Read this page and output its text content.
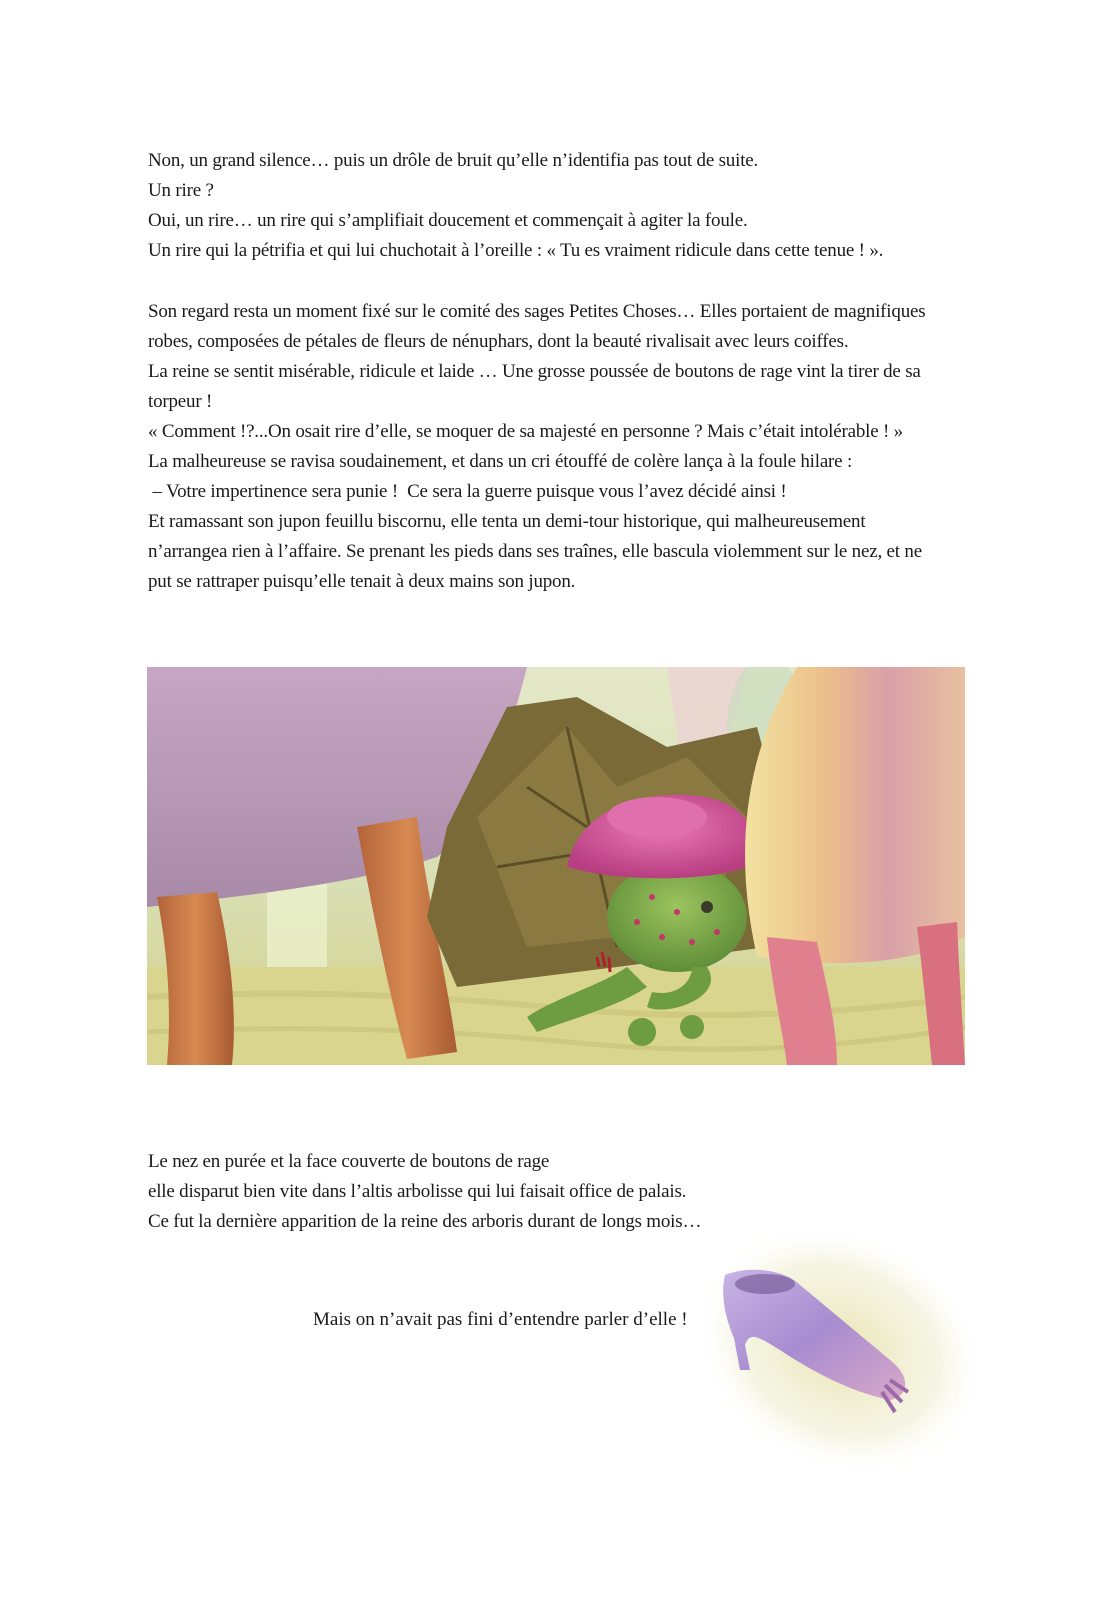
Non, un grand silence… puis un drôle de bruit qu’elle n’identifia pas tout de suite.
Un rire ?
Oui, un rire… un rire qui s’amplifiait doucement et commençait à agiter la foule.
Un rire qui la pétrifia et qui lui chuchotait à l’oreille : « Tu es vraiment ridicule dans cette tenue ! ».
Son regard resta un moment fixé sur le comité des sages Petites Choses… Elles portaient de magnifiques
robes, composées de pétales de fleurs de nénuphars, dont la beauté rivalisait avec leurs coiffes.
La reine se sentit misérable, ridicule et laide … Une grosse poussée de boutons de rage vint la tirer de sa
torpeur !
« Comment !?...On osait rire d’elle, se moquer de sa majesté en personne ? Mais c’était intolérable ! »
La malheureuse se ravisa soudainement, et dans un cri étouffé de colère lança à la foule hilare :
– Votre impertinence sera punie !  Ce sera la guerre puisque vous l’avez décidé ainsi !
Et ramassant son jupon feuillu biscornu, elle tenta un demi-tour historique, qui malheureusement
n’arrangea rien à l’affaire. Se prenant les pieds dans ses traînes, elle bascula violemment sur le nez, et ne
put se rattraper puisqu’elle tenait à deux mains son jupon.
Le nez en purée et la face couverte de boutons de rage
elle disparut bien vite dans l’altis arbolisse qui lui faisait office de palais.
Ce fut la dernière apparition de la reine des arboris durant de longs mois…
Mais on n’avait pas fini d’entendre parler d’elle !
